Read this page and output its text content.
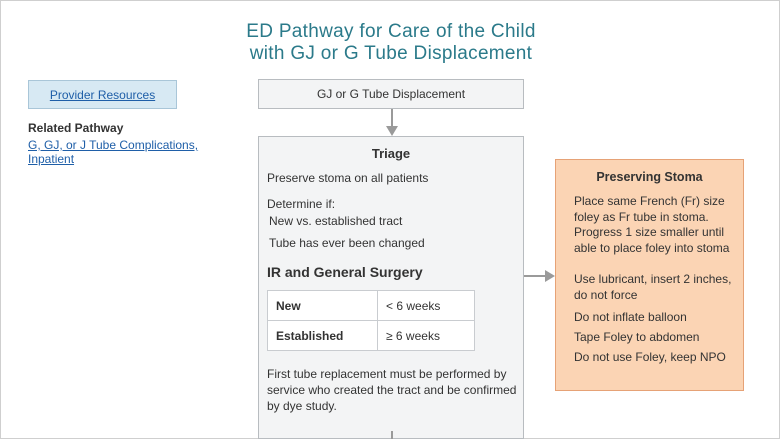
ED Pathway for Care of the Child
with GJ or G Tube Displacement
Provider Resources
Related Pathway
G, GJ, or J Tube Complications, Inpatient
GJ or G Tube Displacement
Triage
Preserve stoma on all patients
Determine if:
New vs. established tract
Tube has ever been changed
IR and General Surgery
New	< 6 weeks
Established	≥ 6 weeks
First tube replacement must be performed by service who created the tract and be confirmed by dye study.
Preserving Stoma
Place same French (Fr) size foley as Fr tube in stoma. Progress 1 size smaller until able to place foley into stoma
Use lubricant, insert 2 inches, do not force
Do not inflate balloon
Tape Foley to abdomen
Do not use Foley, keep NPO
